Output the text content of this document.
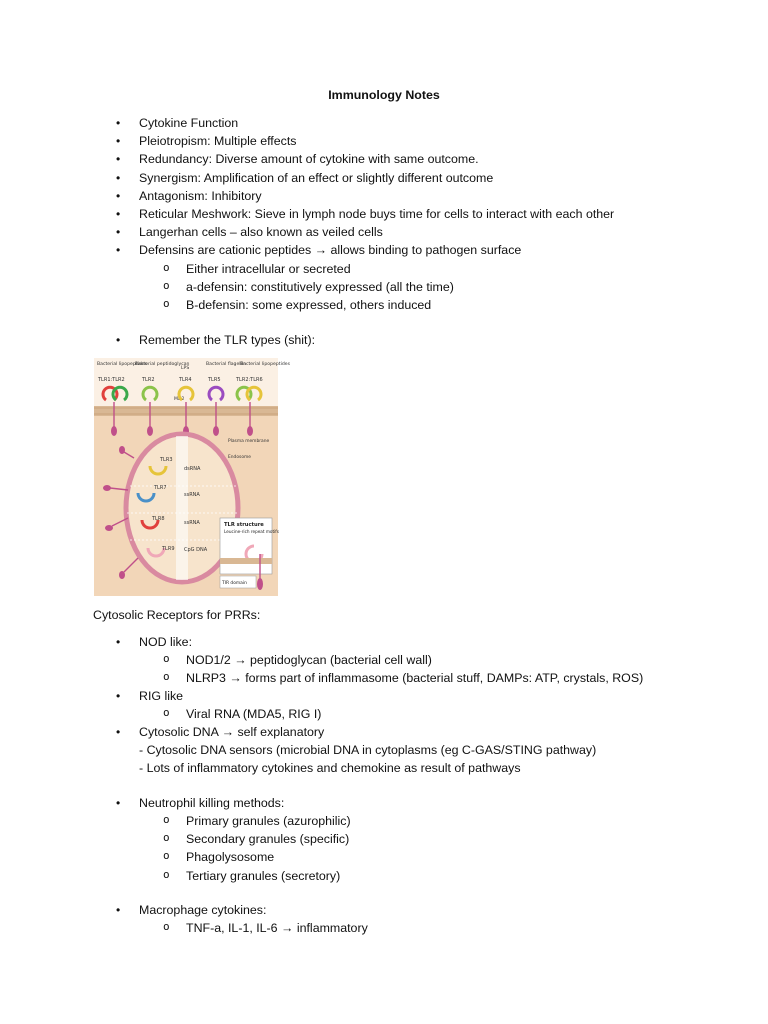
Immunology Notes
• Cytokine Function
• Pleiotropism: Multiple effects
• Redundancy: Diverse amount of cytokine with same outcome.
• Synergism: Amplification of an effect or slightly different outcome
• Antagonism: Inhibitory
• Reticular Meshwork: Sieve in lymph node buys time for cells to interact with each other
• Langerhan cells – also known as veiled cells
• Defensins are cationic peptides → allows binding to pathogen surface
o Either intracellular or secreted
o a-defensin: constitutively expressed (all the time)
o B-defensin: some expressed, others induced
• Remember the TLR types (shit):
Bacterial lipopeptides
Bacterial peptidoglycan
LPS
Bacterial flagellin
Bacterial lipopeptides
TLR1:TLR2	TLR2	TLR4	TLR5	TLR2:TLR6
MD2
TLR3
TLR7
TLR8
TLR9
dsRNA
ssRNA
ssRNA
CpG DNA
Plasma membrane
Endosome
TLR structure
Leucine-rich repeat motifs
TIR domain
Cytosolic Receptors for PRRs:
• NOD like:
o NOD1/2 → peptidoglycan (bacterial cell wall)
o NLRP3 → forms part of inflammasome (bacterial stuff, DAMPs: ATP, crystals, ROS)
• RIG like
o Viral RNA (MDA5, RIG I)
• Cytosolic DNA → self explanatory
- Cytosolic DNA sensors (microbial DNA in cytoplasms (eg C-GAS/STING pathway)
- Lots of inflammatory cytokines and chemokine as result of pathways
• Neutrophil killing methods:
o Primary granules (azurophilic)
o Secondary granules (specific)
o Phagolysosome
o Tertiary granules (secretory)
• Macrophage cytokines:
o TNF-a, IL-1, IL-6 → inflammatory
